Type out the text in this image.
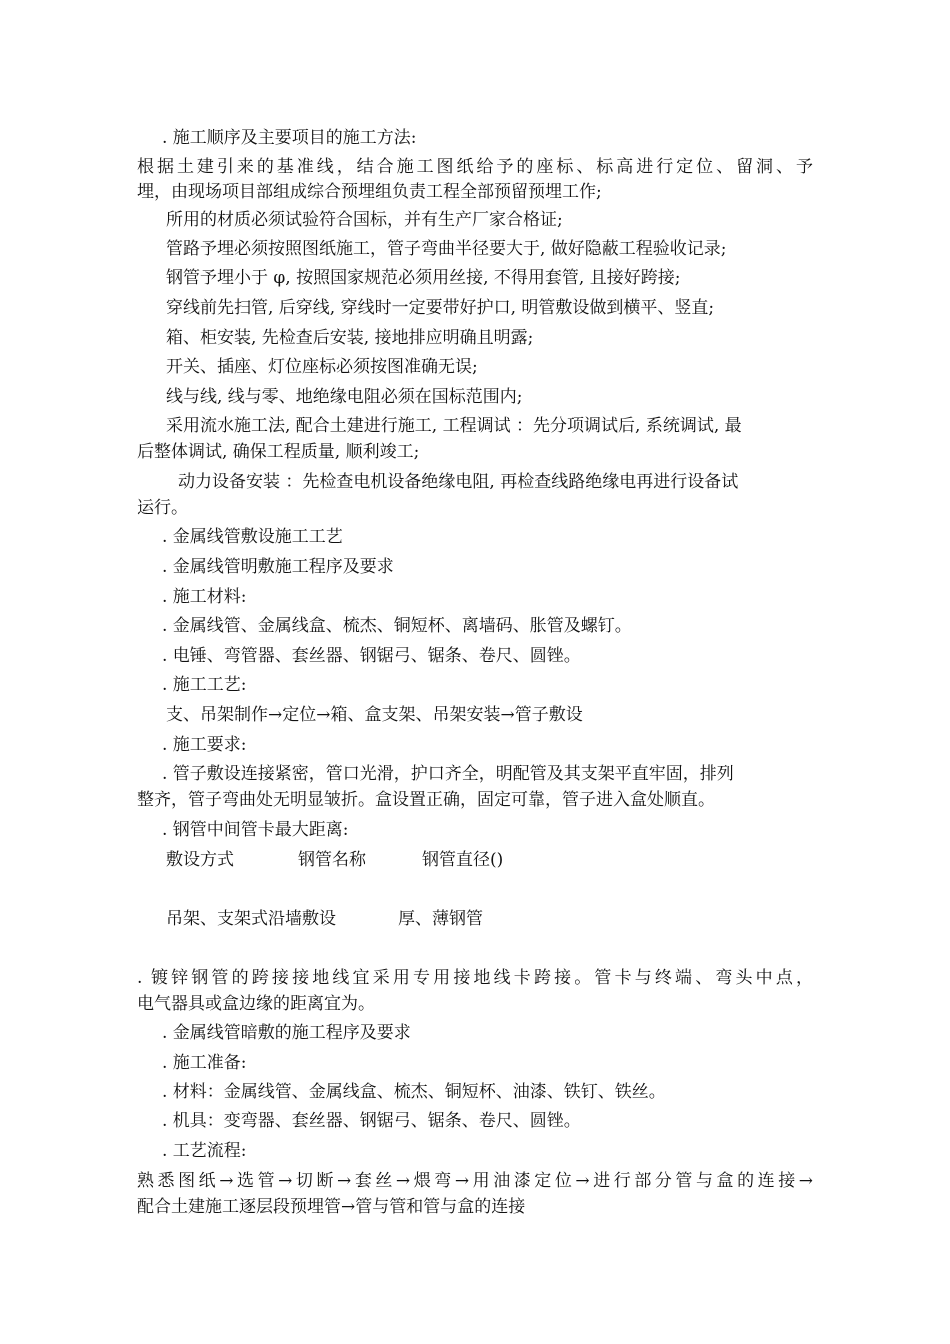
. 施工顺序及主要项目的施工方法:
根据土建引来的基准线，结合施工图纸给予的座标、标高进行定位、留洞、予
埋，由现场项目部组成综合预埋组负责工程全部预留预埋工作;
所用的材质必须试验符合国标，并有生产厂家合格证;
管路予埋必须按照图纸施工，管子弯曲半径要大于, 做好隐蔽工程验收记录;
钢管予埋小于 φ, 按照国家规范必须用丝接, 不得用套管, 且接好跨接;
穿线前先扫管, 后穿线, 穿线时一定要带好护口, 明管敷设做到横平、竖直;
箱、柜安装, 先检查后安装, 接地排应明确且明露;
开关、插座、灯位座标必须按图准确无误;
线与线, 线与零、地绝缘电阻必须在国标范围内;
采用流水施工法, 配合土建进行施工, 工程调试 ：先分项调试后, 系统调试, 最
后整体调试, 确保工程质量, 顺利竣工;
动力设备安装 ：先检查电机设备绝缘电阻, 再检查线路绝缘电再进行设备试
运行。
. 金属线管敷设施工工艺
. 金属线管明敷施工程序及要求
. 施工材料:
. 金属线管、金属线盒、梳杰、铜短杯、离墙码、胀管及螺钉。
. 电锤、弯管器、套丝器、钢锯弓、锯条、卷尺、圆锉。
. 施工工艺:
支、吊架制作→定位→箱、盒支架、吊架安装→管子敷设
. 施工要求:
. 管子敷设连接紧密，管口光滑，护口齐全，明配管及其支架平直牢固，排列
整齐，管子弯曲处无明显皱折。盒设置正确，固定可靠，管子进入盒处顺直。
. 钢管中间管卡最大距离:
敷设方式	钢管名称	钢管直径()
吊架、支架式沿墙敷设	厚、薄钢管
. 镀锌钢管的跨接接地线宜采用专用接地线卡跨接。管卡与终端、弯头中点，
电气器具或盒边缘的距离宜为。
. 金属线管暗敷的施工程序及要求
. 施工准备:
. 材料：金属线管、金属线盒、梳杰、铜短杯、油漆、铁钉、铁丝。
. 机具：变弯器、套丝器、钢锯弓、锯条、卷尺、圆锉。
. 工艺流程:
熟悉图纸→选管→切断→套丝→煨弯→用油漆定位→进行部分管与盒的连接→
配合土建施工逐层段预埋管→管与管和管与盒的连接
